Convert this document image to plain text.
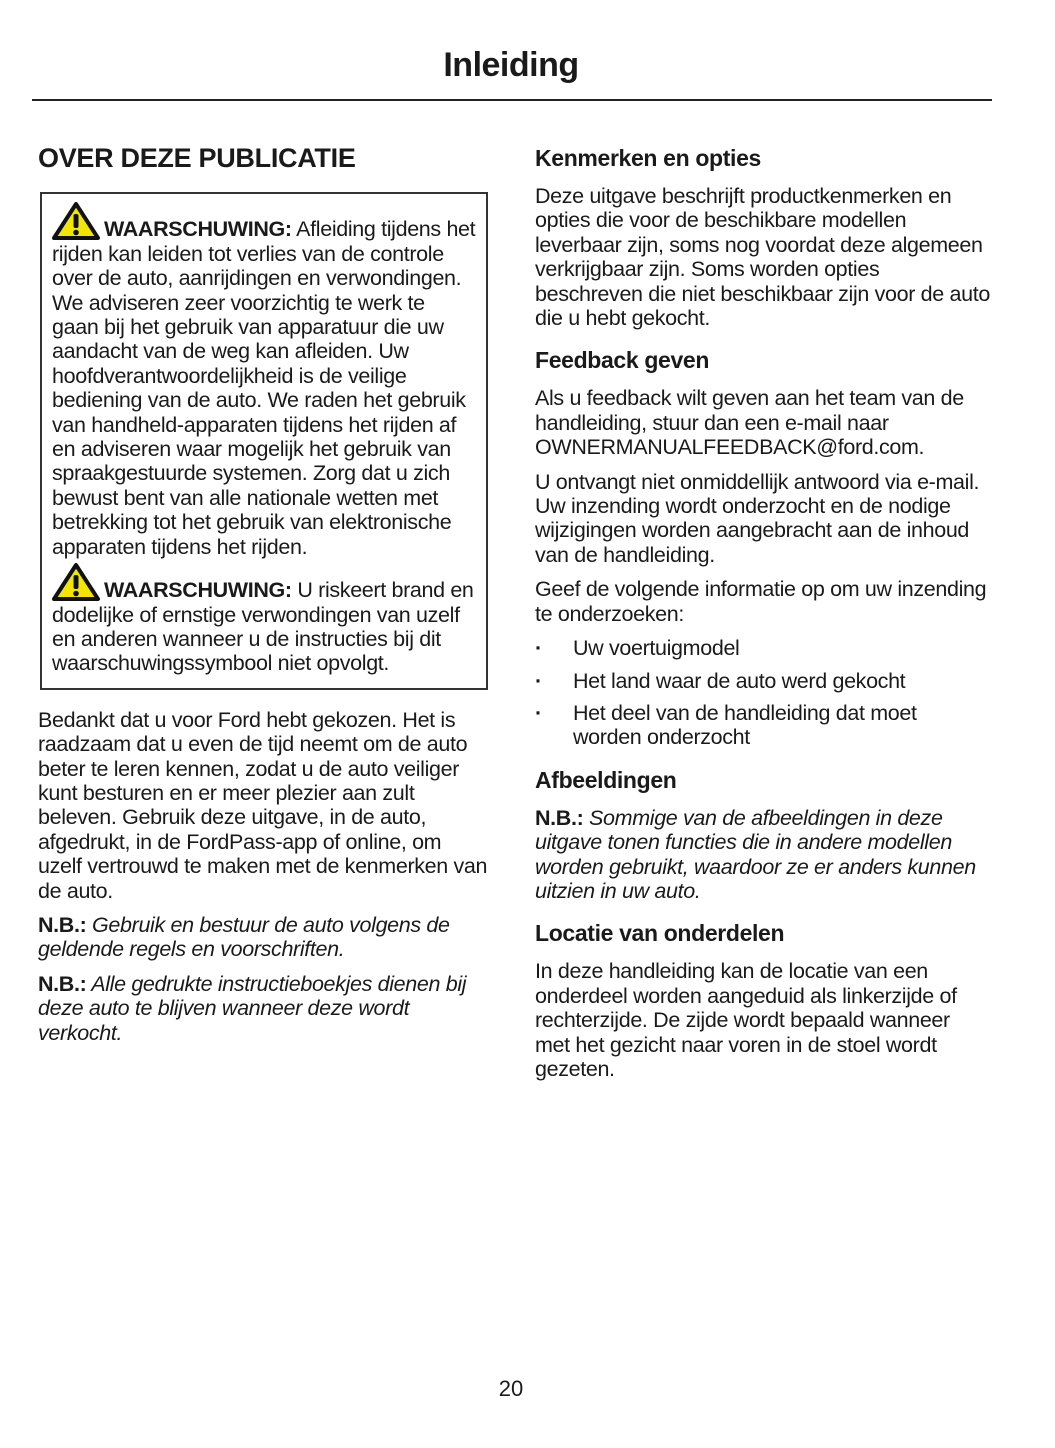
Inleiding
OVER DEZE PUBLICATIE

WAARSCHUWING: Afleiding tijdens het rijden kan leiden tot verlies van de controle over de auto, aanrijdingen en verwondingen. We adviseren zeer voorzichtig te werk te gaan bij het gebruik van apparatuur die uw aandacht van de weg kan afleiden. Uw hoofdverantwoordelijkheid is de veilige bediening van de auto. We raden het gebruik van handheld-apparaten tijdens het rijden af en adviseren waar mogelijk het gebruik van spraakgestuurde systemen. Zorg dat u zich bewust bent van alle nationale wetten met betrekking tot het gebruik van elektronische apparaten tijdens het rijden.

WAARSCHUWING: U riskeert brand en dodelijke of ernstige verwondingen van uzelf en anderen wanneer u de instructies bij dit waarschuwingssymbool niet opvolgt.

Bedankt dat u voor Ford hebt gekozen. Het is raadzaam dat u even de tijd neemt om de auto beter te leren kennen, zodat u de auto veiliger kunt besturen en er meer plezier aan zult beleven. Gebruik deze uitgave, in de auto, afgedrukt, in de FordPass-app of online, om uzelf vertrouwd te maken met de kenmerken van de auto.

N.B.: Gebruik en bestuur de auto volgens de geldende regels en voorschriften.

N.B.: Alle gedrukte instructieboekjes dienen bij deze auto te blijven wanneer deze wordt verkocht.

Kenmerken en opties

Deze uitgave beschrijft productkenmerken en opties die voor de beschikbare modellen leverbaar zijn, soms nog voordat deze algemeen verkrijgbaar zijn. Soms worden opties beschreven die niet beschikbaar zijn voor de auto die u hebt gekocht.

Feedback geven

Als u feedback wilt geven aan het team van de handleiding, stuur dan een e-mail naar

OWNERMANUALFEEDBACK@ford.com.

U ontvangt niet onmiddellijk antwoord via e-mail. Uw inzending wordt onderzocht en de nodige wijzigingen worden aangebracht aan de inhoud van de handleiding.

Geef de volgende informatie op om uw inzending te onderzoeken:

· Uw voertuigmodel
· Het land waar de auto werd gekocht
· Het deel van de handleiding dat moet worden onderzocht
Afbeeldingen

N.B.: Sommige van de afbeeldingen in deze uitgave tonen functies die in andere modellen worden gebruikt, waardoor ze er anders kunnen uitzien in uw auto.

Locatie van onderdelen

In deze handleiding kan de locatie van een onderdeel worden aangeduid als linkerzijde of rechterzijde. De zijde wordt bepaald wanneer met het gezicht naar voren in de stoel wordt gezeten.

20
